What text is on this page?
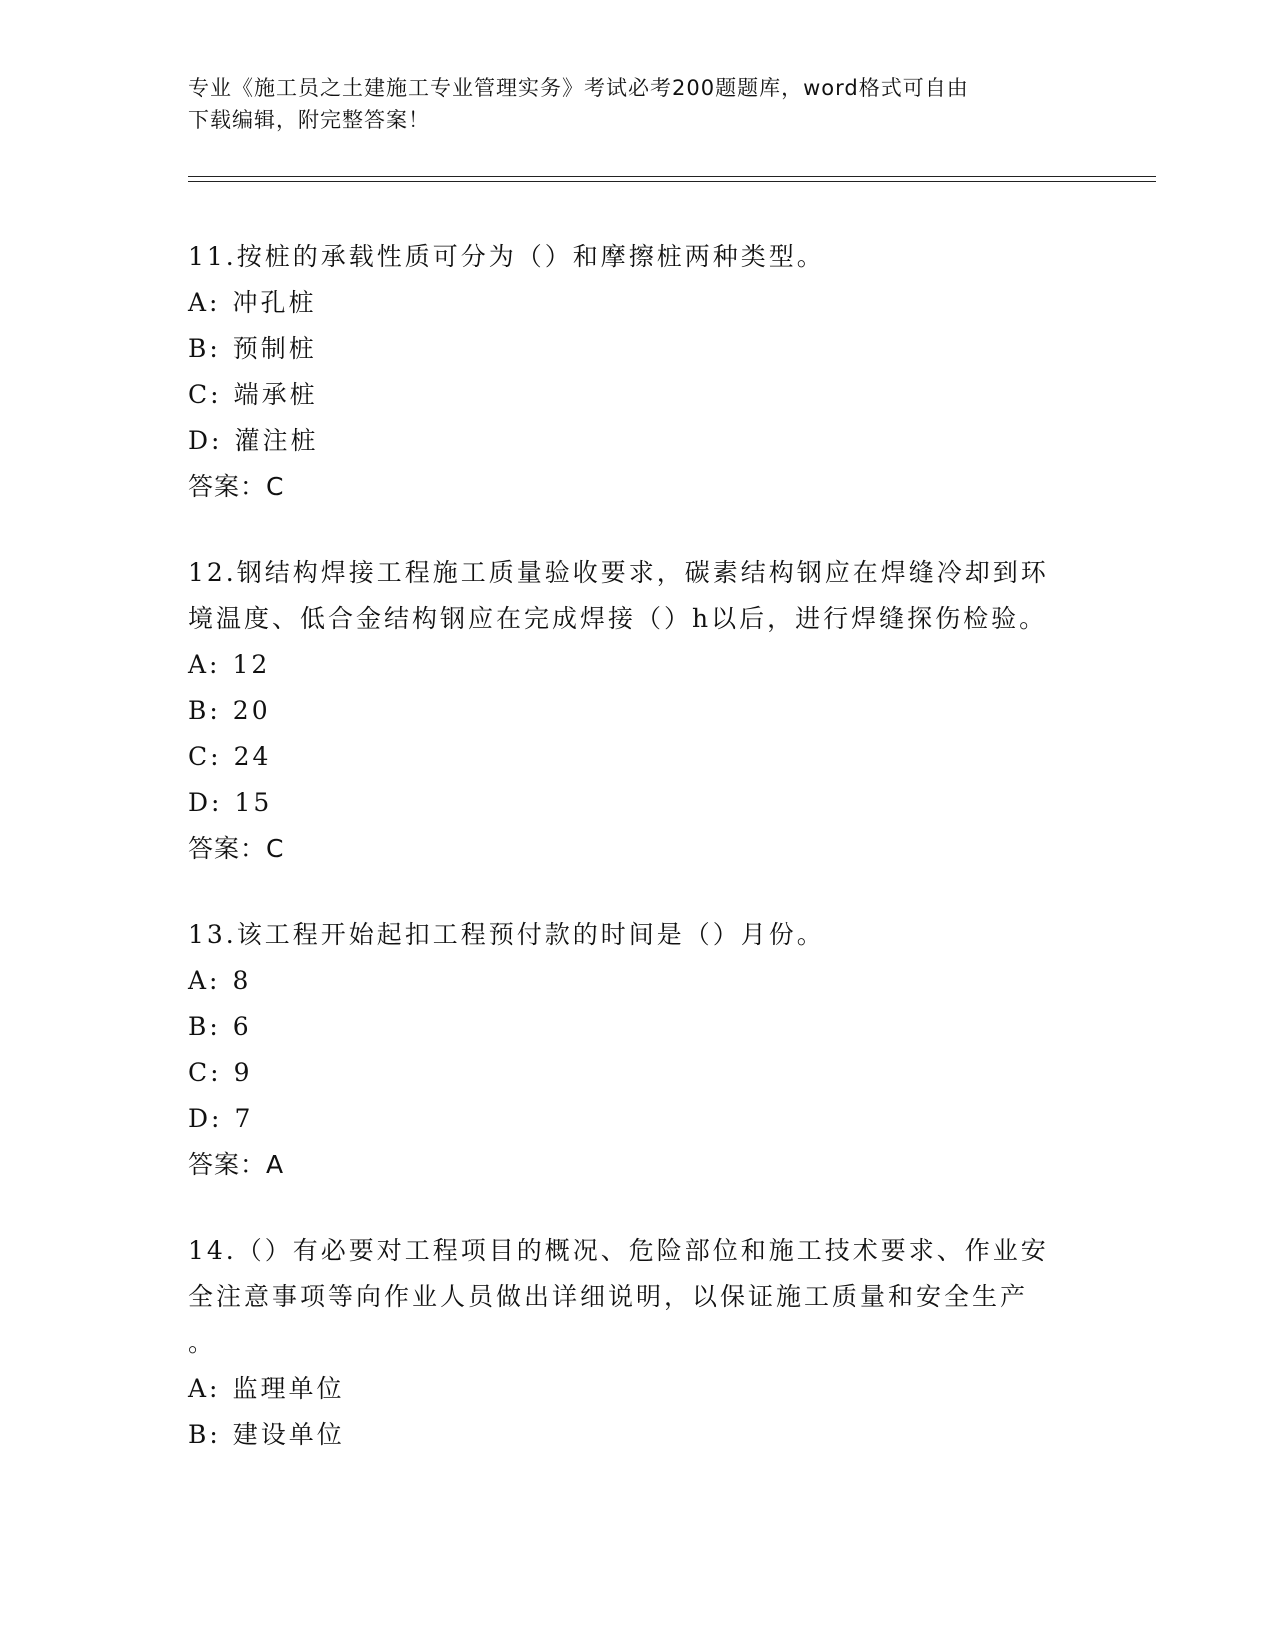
专业《施工员之土建施工专业管理实务》考试必考200题题库，word格式可自由
下载编辑，附完整答案！

11.按桩的承载性质可分为（）和摩擦桩两种类型。

A: 冲孔桩

B: 预制桩

C: 端承桩

D: 灌注桩

答案：C

12.钢结构焊接工程施工质量验收要求，碳素结构钢应在焊缝冷却到环

境温度、低合金结构钢应在完成焊接（）h以后，进行焊缝探伤检验。

A: 12

B: 20

C: 24

D: 15

答案：C

13.该工程开始起扣工程预付款的时间是（）月份。

A: 8

B: 6

C: 9

D: 7

答案：A

14.（）有必要对工程项目的概况、危险部位和施工技术要求、作业安

全注意事项等向作业人员做出详细说明，以保证施工质量和安全生产

。

A: 监理单位

B: 建设单位
